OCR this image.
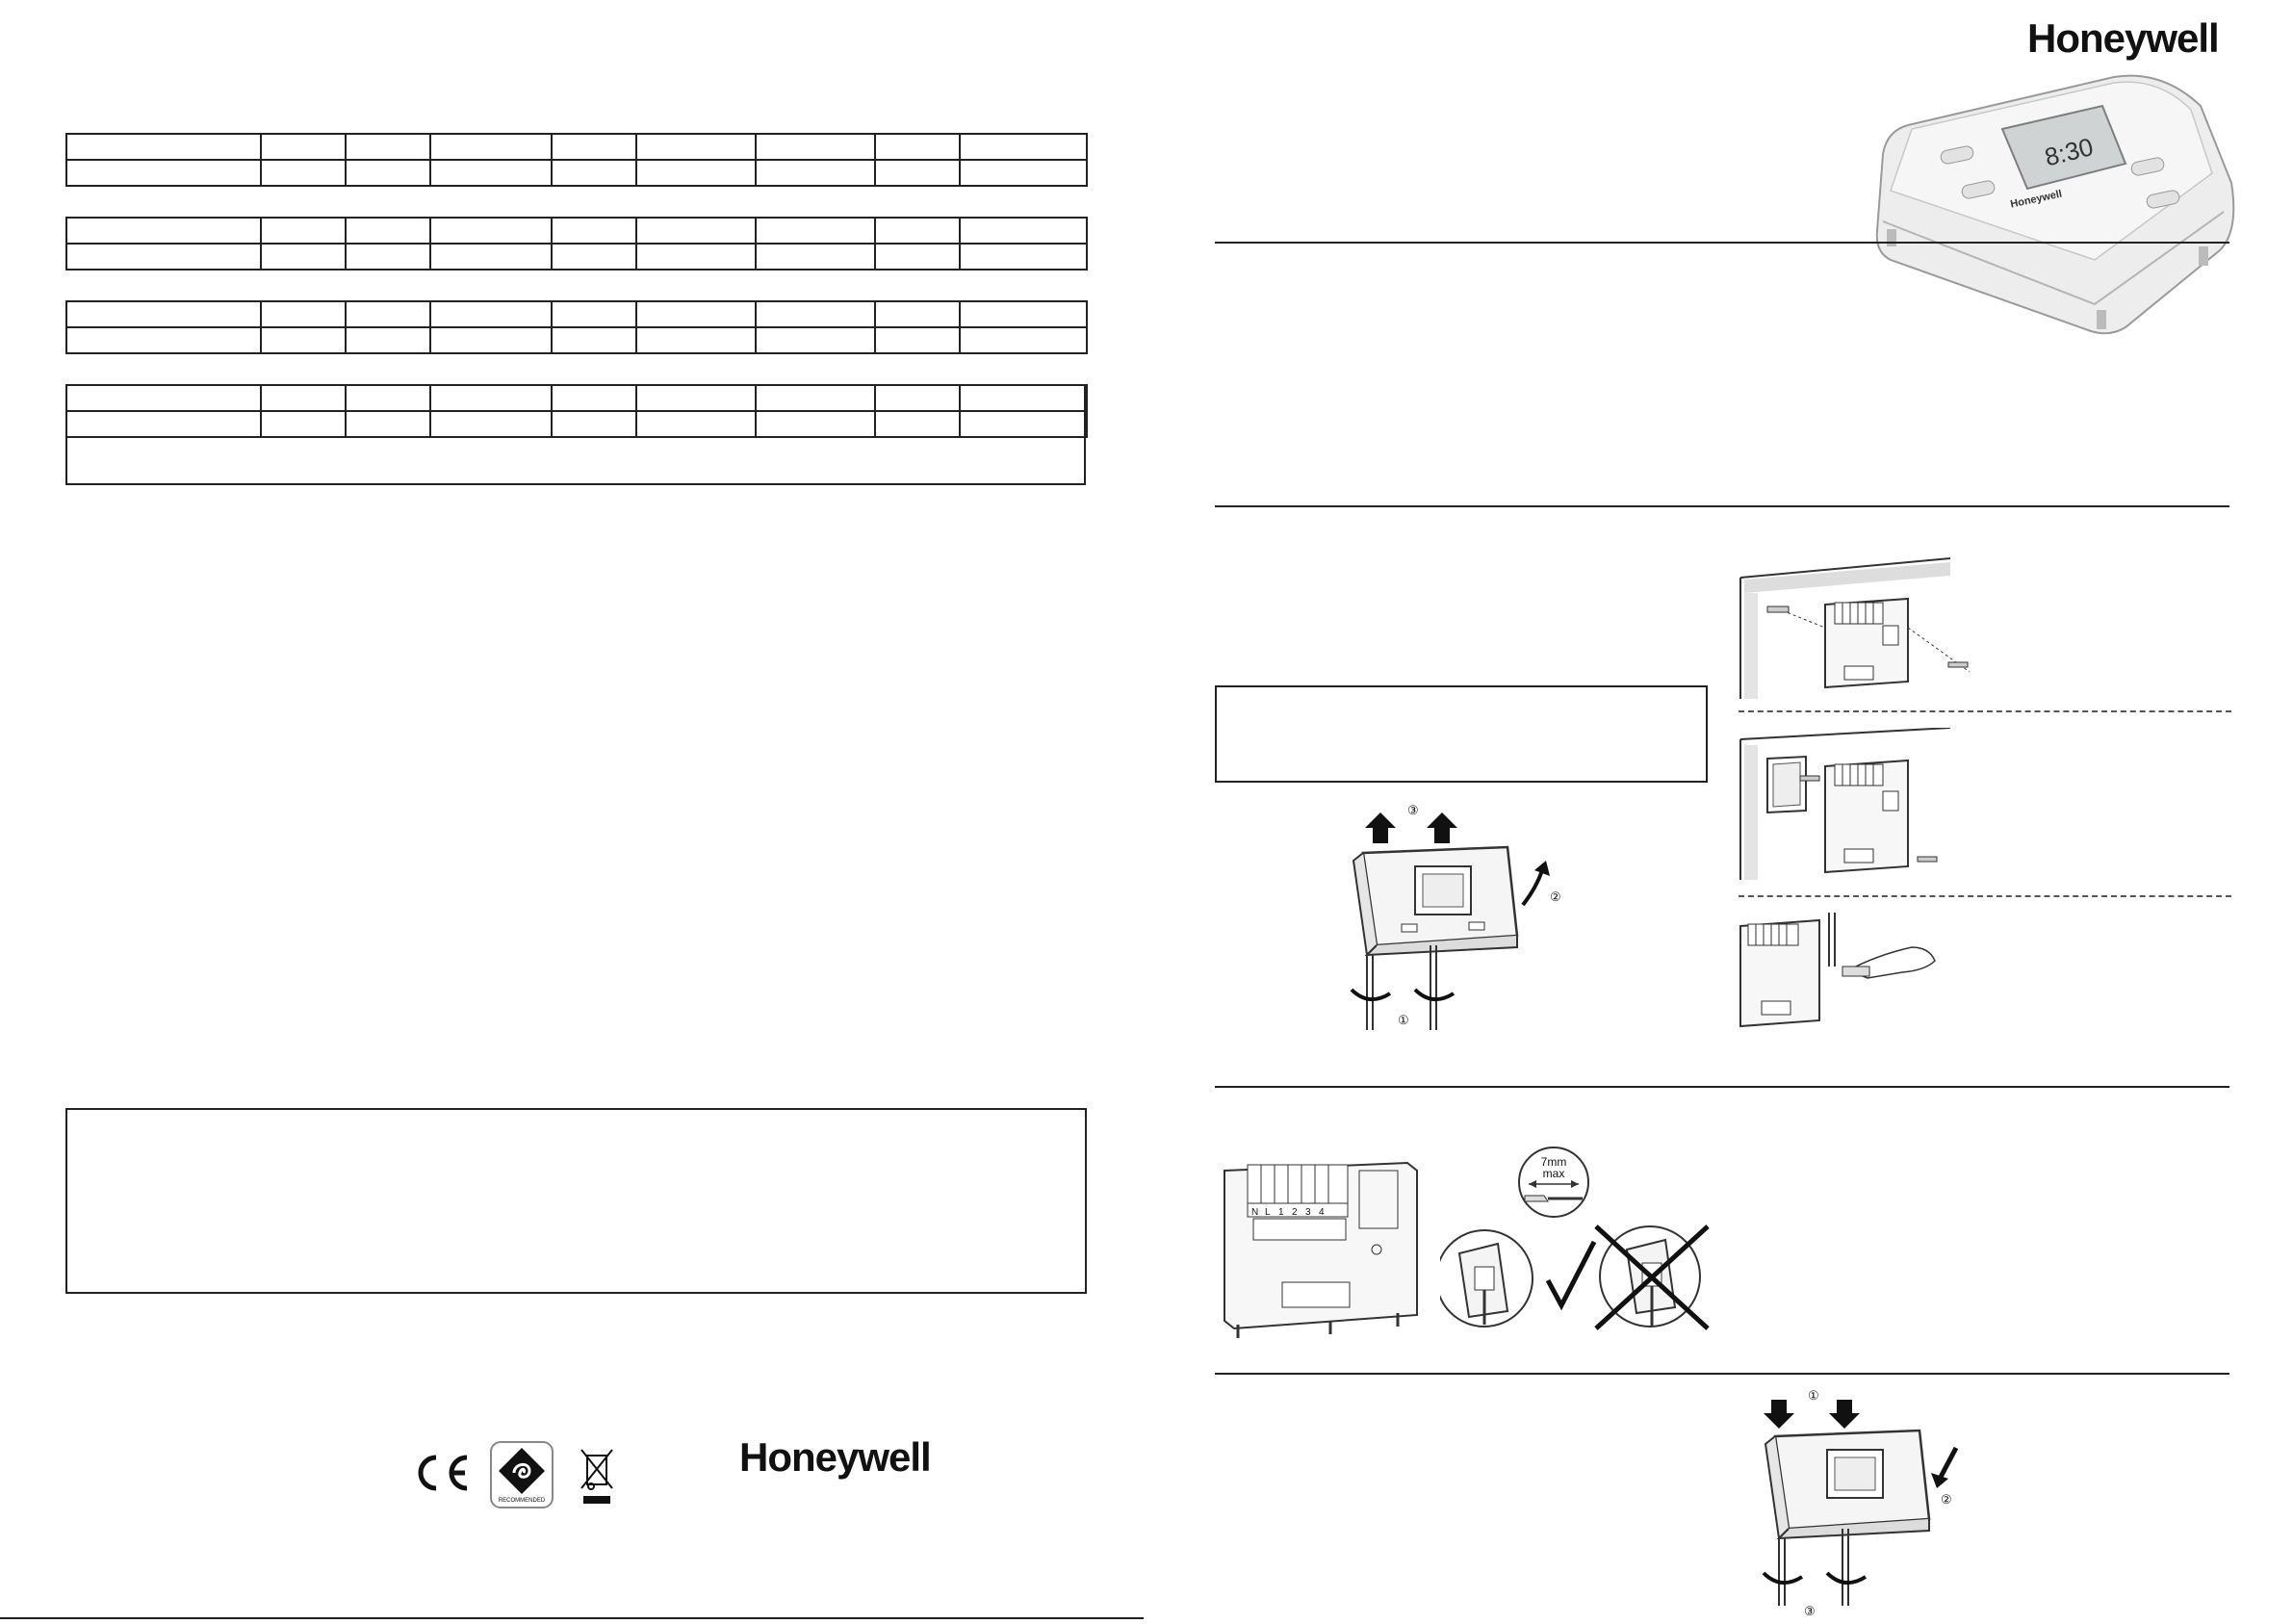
RECOMMENDED
Honeywell
Honeywell
8:30
Honeywell
③
②
①
N L 1 2 3 4
7mm
max
①
②
③
